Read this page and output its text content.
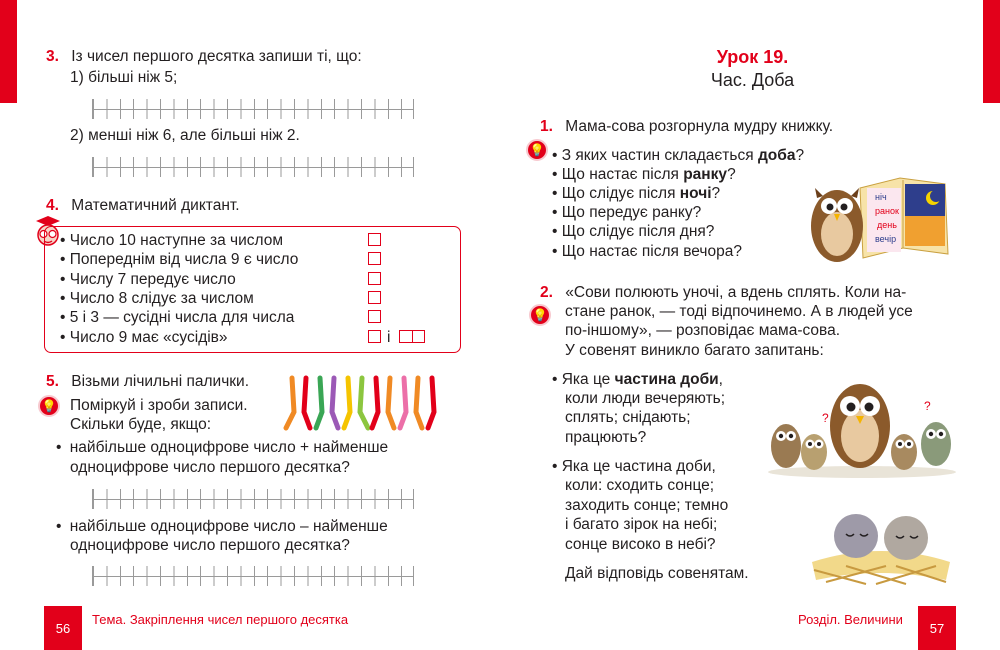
3. Із чисел першого десятка запиши ті, що:
1) більші ніж 5;
2) менші ніж 6, але більші ніж 2.
4. Математичний диктант.
• Число 10 наступне за числом
• Попереднім від числа 9 є число
• Числу 7 передує число
• Число 8 слідує за числом
• 5 і 3 — сусідні числа для числа
• Число 9 має «сусідів»	і
5. Візьми лічильні палички.
💡 Поміркуй і зроби записи.
Скільки буде, якщо:
• найбільше одноцифрове число + найменше
одноцифрове число першого десятка?
• найбільше одноцифрове число – найменше
одноцифрове число першого десятка?
56
Тема. Закріплення чисел першого десятка
Урок 19.
Час. Доба
1. Мама-сова розгорнула мудру книжку.
💡 • З яких частин складається доба?
• Що настає після ранку?
• Що слідує після ночі?
• Що передує ранку?
• Що слідує після дня?
• Що настає після вечора?
ніч
ранок
день
вечір
2. «Сови полюють уночі, а вдень сплять. Коли на-
💡 стане ранок, — тоді відпочинемо. А в людей усе
по-іншому», — розповідає мама-сова.
У совенят виникло багато запитань:
• Яка це частина доби,
коли люди вечеряють;
сплять; снідають;
працюють?
?
?
• Яка це частина доби,
коли: сходить сонце;
заходить сонце; темно
і багато зірок на небі;
сонце високо в небі?
Дай відповідь совенятам.
Розділ. Величини
57
